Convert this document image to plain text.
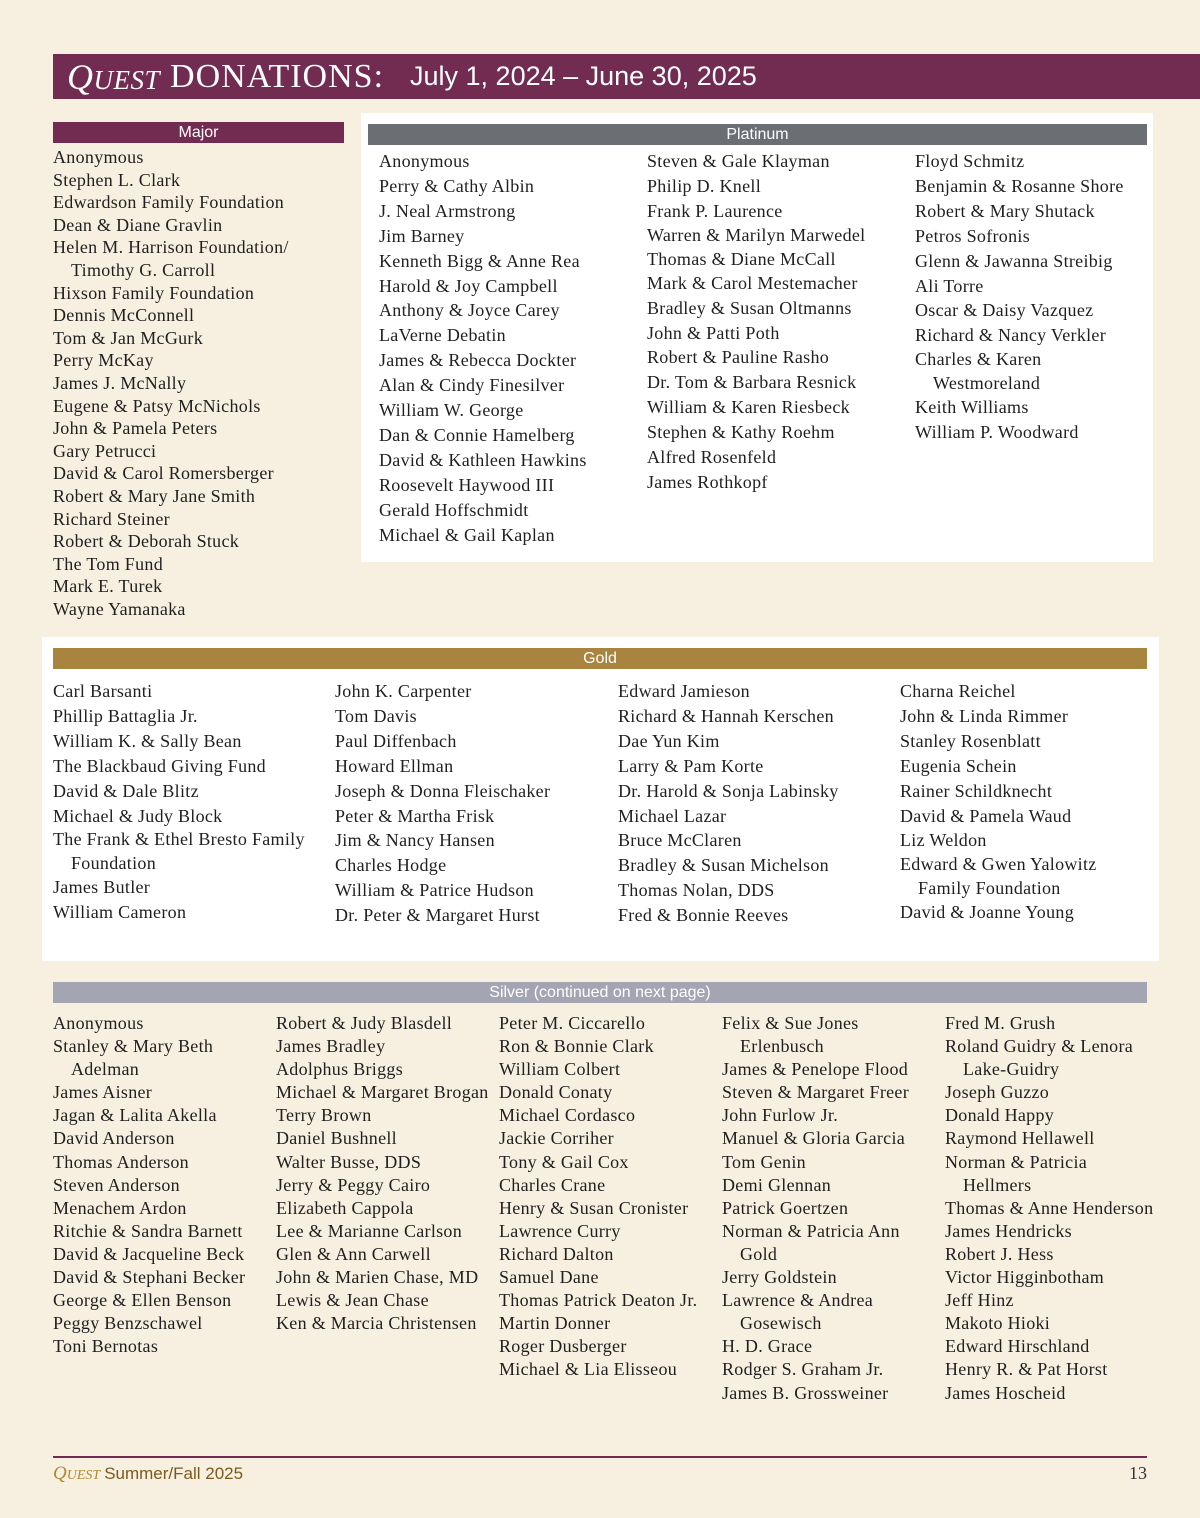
QUEST DONATIONS: July 1, 2024 – June 30, 2025
Major
Anonymous
Stephen L. Clark
Edwardson Family Foundation
Dean & Diane Gravlin
Helen M. Harrison Foundation/ Timothy G. Carroll
Hixson Family Foundation
Dennis McConnell
Tom & Jan McGurk
Perry McKay
James J. McNally
Eugene & Patsy McNichols
John & Pamela Peters
Gary Petrucci
David & Carol Romersberger
Robert & Mary Jane Smith
Richard Steiner
Robert & Deborah Stuck
The Tom Fund
Mark E. Turek
Wayne Yamanaka
Platinum
Anonymous
Perry & Cathy Albin
J. Neal Armstrong
Jim Barney
Kenneth Bigg & Anne Rea
Harold & Joy Campbell
Anthony & Joyce Carey
LaVerne Debatin
James & Rebecca Dockter
Alan & Cindy Finesilver
William W. George
Dan & Connie Hamelberg
David & Kathleen Hawkins
Roosevelt Haywood III
Gerald Hoffschmidt
Michael & Gail Kaplan
Steven & Gale Klayman
Philip D. Knell
Frank P. Laurence
Warren & Marilyn Marwedel
Thomas & Diane McCall
Mark & Carol Mestemacher
Bradley & Susan Oltmanns
John & Patti Poth
Robert & Pauline Rasho
Dr. Tom & Barbara Resnick
William & Karen Riesbeck
Stephen & Kathy Roehm
Alfred Rosenfeld
James Rothkopf
Floyd Schmitz
Benjamin & Rosanne Shore
Robert & Mary Shutack
Petros Sofronis
Glenn & Jawanna Streibig
Ali Torre
Oscar & Daisy Vazquez
Richard & Nancy Verkler
Charles & Karen Westmoreland
Keith Williams
William P. Woodward
Gold
Carl Barsanti
Phillip Battaglia Jr.
William K. & Sally Bean
The Blackbaud Giving Fund
David & Dale Blitz
Michael & Judy Block
The Frank & Ethel Bresto Family Foundation
James Butler
William Cameron
John K. Carpenter
Tom Davis
Paul Diffenbach
Howard Ellman
Joseph & Donna Fleischaker
Peter & Martha Frisk
Jim & Nancy Hansen
Charles Hodge
William & Patrice Hudson
Dr. Peter & Margaret Hurst
Edward Jamieson
Richard & Hannah Kerschen
Dae Yun Kim
Larry & Pam Korte
Dr. Harold & Sonja Labinsky
Michael Lazar
Bruce McClaren
Bradley & Susan Michelson
Thomas Nolan, DDS
Fred & Bonnie Reeves
Charna Reichel
John & Linda Rimmer
Stanley Rosenblatt
Eugenia Schein
Rainer Schildknecht
David & Pamela Waud
Liz Weldon
Edward & Gwen Yalowitz Family Foundation
David & Joanne Young
Silver (continued on next page)
Anonymous
Stanley & Mary Beth Adelman
James Aisner
Jagan & Lalita Akella
David Anderson
Thomas Anderson
Steven Anderson
Menachem Ardon
Ritchie & Sandra Barnett
David & Jacqueline Beck
David & Stephani Becker
George & Ellen Benson
Peggy Benzschawel
Toni Bernotas
Robert & Judy Blasdell
James Bradley
Adolphus Briggs
Michael & Margaret Brogan
Terry Brown
Daniel Bushnell
Walter Busse, DDS
Jerry & Peggy Cairo
Elizabeth Cappola
Lee & Marianne Carlson
Glen & Ann Carwell
John & Marien Chase, MD
Lewis & Jean Chase
Ken & Marcia Christensen
Peter M. Ciccarello
Ron & Bonnie Clark
William Colbert
Donald Conaty
Michael Cordasco
Jackie Corriher
Tony & Gail Cox
Charles Crane
Henry & Susan Cronister
Lawrence Curry
Richard Dalton
Samuel Dane
Thomas Patrick Deaton Jr.
Martin Donner
Roger Dusberger
Michael & Lia Elisseou
Felix & Sue Jones Erlenbusch
James & Penelope Flood
Steven & Margaret Freer
John Furlow Jr.
Manuel & Gloria Garcia
Tom Genin
Demi Glennan
Patrick Goertzen
Norman & Patricia Ann Gold
Jerry Goldstein
Lawrence & Andrea Gosewisch
H. D. Grace
Rodger S. Graham Jr.
James B. Grossweiner
Fred M. Grush
Roland Guidry & Lenora Lake-Guidry
Joseph Guzzo
Donald Happy
Raymond Hellawell
Norman & Patricia Hellmers
Thomas & Anne Henderson
James Hendricks
Robert J. Hess
Victor Higginbotham
Jeff Hinz
Makoto Hioki
Edward Hirschland
Henry R. & Pat Horst
James Hoscheid
QUEST Summer/Fall 2025	13
